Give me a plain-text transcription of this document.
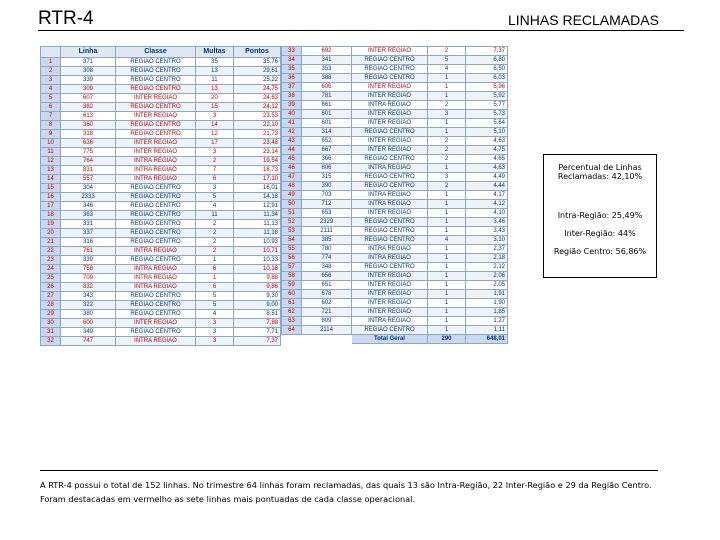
RTR-4	LINHAS RECLAMADAS
	Linha	Classe	Multas	Pontos
1	371	REGIÃO CENTRO	35	35,76
2	308	REGIÃO CENTRO	13	29,61
3	339	REGIÃO CENTRO	11	25,22
4	309	REGIÃO CENTRO	13	24,75
5	607	INTER REGIÃO	20	24,63
6	382	REGIÃO CENTRO	15	24,12
7	613	INTER REGIÃO	3	23,53
8	360	REGIÃO CENTRO	14	22,10
9	318	REGIÃO CENTRO	12	21,73
10	636	INTER REGIÃO	17	23,48
11	775	INTER REGIÃO	3	23,14
12	764	INTRA REGIÃO	2	19,54
13	831	INTRA REGIÃO	7	18,73
14	557	INTRA REGIÃO	6	17,10
15	304	REGIÃO CENTRO	3	16,01
16	2333	REGIÃO CENTRO	5	14,18
17	346	REGIÃO CENTRO	4	12,91
18	363	REGIÃO CENTRO	11	11,34
19	331	REGIÃO CENTRO	2	11,13
20	337	REGIÃO CENTRO	2	11,18
21	316	REGIÃO CENTRO	2	10,93
22	761	INTRA REGIÃO	2	10,71
23	339	REGIÃO CENTRO	1	10,33
24	758	INTRA REGIÃO	6	10,18
25	709	INTRA REGIÃO	1	9,88
26	832	INTRA REGIÃO	6	9,86
27	343	REGIÃO CENTRO	5	9,30
28	322	REGIÃO CENTRO	5	9,00
29	380	REGIÃO CENTRO	4	8,51
30	600	INTER REGIÃO	3	7,88
31	349	REGIÃO CENTRO	3	7,71
32	747	INTRA REGIÃO	3	7,37
33	692	INTER REGIÃO	2	7,37
34	341	REGIÃO CENTRO	5	6,80
35	353	REGIÃO CENTRO	4	6,50
36	388	REGIÃO CENTRO	1	6,03
37	606	INTER REGIÃO	1	5,96
38	781	INTER REGIÃO	1	5,92
39	861	INTRA REGIÃO	2	5,77
40	601	INTER REGIÃO	3	5,73
41	601	INTER REGIÃO	1	5,64
42	314	REGIÃO CENTRO	1	5,10
43	652	INTER REGIÃO	2	4,63
44	667	INTER REGIÃO	2	4,75
45	366	REGIÃO CENTRO	2	4,65
46	806	INTRA REGIÃO	1	4,63
47	315	REGIÃO CENTRO	3	4,49
48	390	REGIÃO CENTRO	2	4,44
49	703	INTRA REGIÃO	1	4,17
50	712	INTRA REGIÃO	1	4,12
51	653	INTER REGIÃO	1	4,10
52	2329	REGIÃO CENTRO	1	3,46
53	2111	REGIÃO CENTRO	1	3,43
54	385	REGIÃO CENTRO	4	3,10
55	780	INTRA REGIÃO	1	2,37
56	774	INTRA REGIÃO	1	2,18
57	348	REGIÃO CENTRO	1	2,12
58	656	INTER REGIÃO	1	2,06
59	651	INTER REGIÃO	1	2,05
60	678	INTER REGIÃO	1	1,91
61	602	INTER REGIÃO	1	1,90
62	721	INTER REGIÃO	1	1,85
63	809	INTRA REGIÃO	1	1,27
64	2114	REGIÃO CENTRO	1	1,11
		Total Geral	290	648,01
Percentual de Linhas Reclamadas: 42,10%
Intra-Região: 25,49%
Inter-Região: 44%
Região Centro: 56,86%
A RTR-4 possui o total de 152 linhas. No trimestre 64 linhas foram reclamadas, das quais 13 são Intra-Região, 22 Inter-Região e 29 da Região Centro. Foram destacadas em vermelho as sete linhas mais pontuadas de cada classe operacional.
